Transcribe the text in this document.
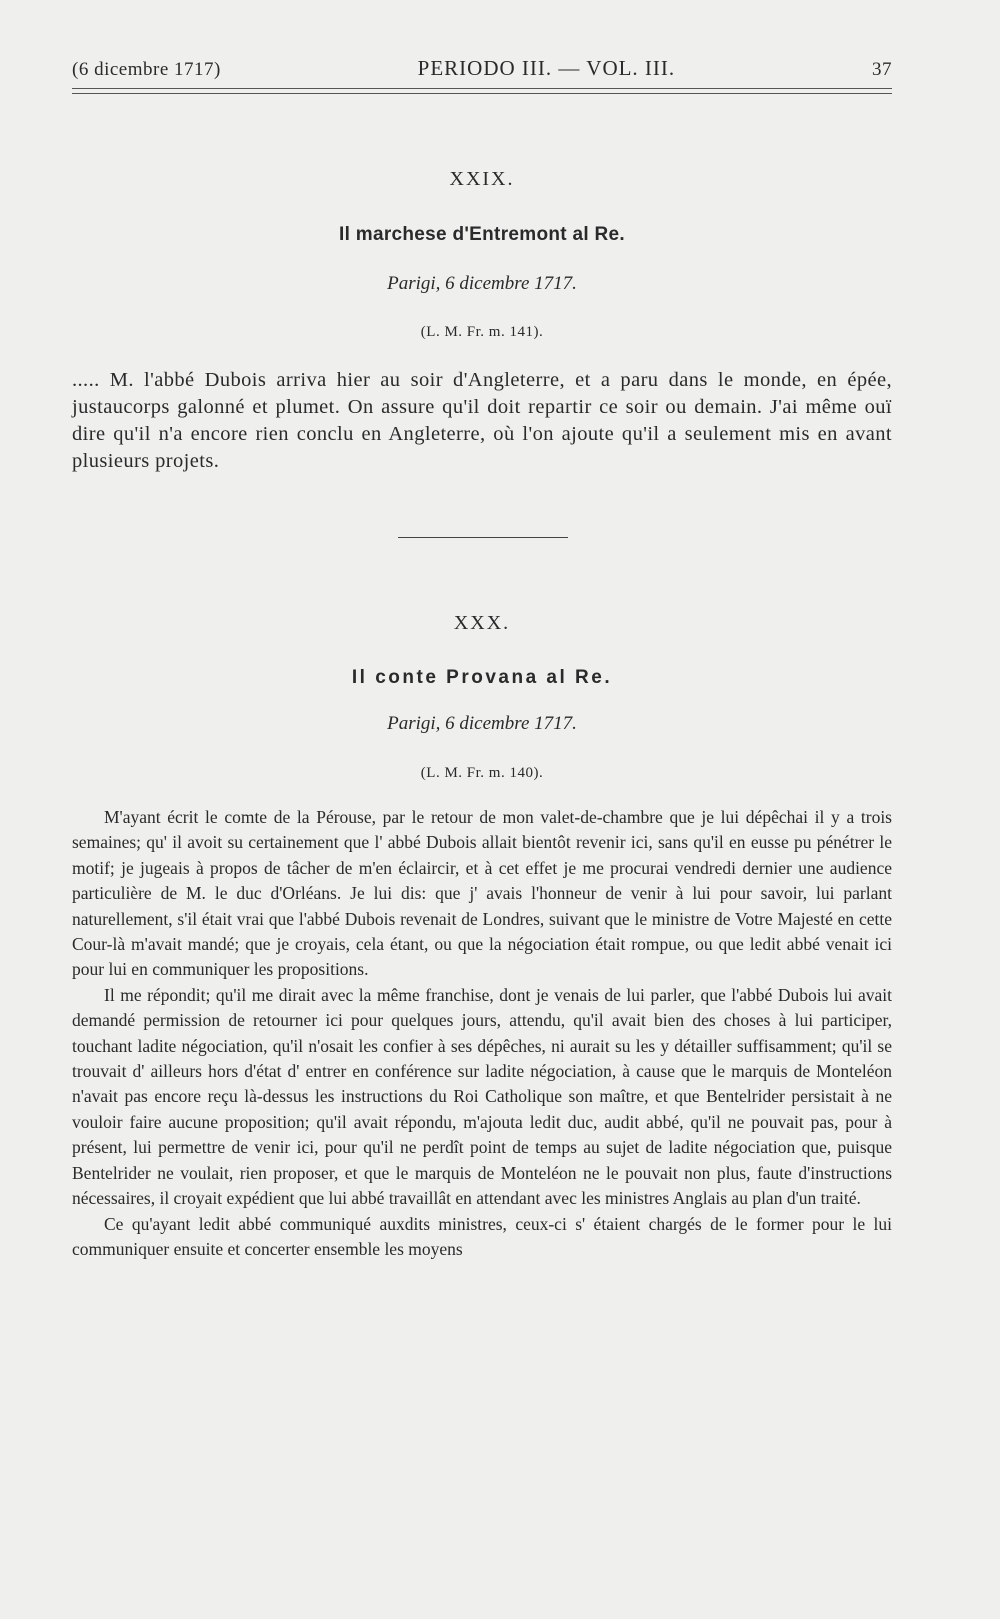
(6 dicembre 1717)	PERIODO III. — VOL. III.	37
XXIX.
Il marchese d'Entremont al Re.
Parigi, 6 dicembre 1717.
(L. M. Fr. m. 141).

..... M. l'abbé Dubois arriva hier au soir d'Angleterre, et a paru dans le monde, en épée, justaucorps galonné et plumet. On assure qu'il doit repartir ce soir ou demain. J'ai même ouï dire qu'il n'a encore rien conclu en Angleterre, où l'on ajoute qu'il a seulement mis en avant plusieurs projets.

XXX.
Il conte Provana al Re.
Parigi, 6 dicembre 1717.
(L. M. Fr. m. 140).

M'ayant écrit le comte de la Pérouse, par le retour de mon valet-de-chambre que je lui dépêchai il y a trois semaines; qu' il avoit su certainement que l' abbé Dubois allait bientôt revenir ici, sans qu'il en eusse pu pénétrer le motif; je jugeais à propos de tâcher de m'en éclaircir, et à cet effet je me procurai vendredi dernier une audience particulière de M. le duc d'Orléans. Je lui dis: que j' avais l'honneur de venir à lui pour savoir, lui parlant naturellement, s'il était vrai que l'abbé Dubois revenait de Londres, suivant que le ministre de Votre Majesté en cette Cour-là m'avait mandé; que je croyais, cela étant, ou que la négociation était rompue, ou que ledit abbé venait ici pour lui en communiquer les propositions.

Il me répondit; qu'il me dirait avec la même franchise, dont je venais de lui parler, que l'abbé Dubois lui avait demandé permission de retourner ici pour quelques jours, attendu, qu'il avait bien des choses à lui participer, touchant ladite négociation, qu'il n'osait les confier à ses dépêches, ni aurait su les y détailler suffisamment; qu'il se trouvait d' ailleurs hors d'état d' entrer en conférence sur ladite négociation, à cause que le marquis de Monteléon n'avait pas encore reçu là-dessus les instructions du Roi Catholique son maître, et que Bentelrider persistait à ne vouloir faire aucune proposition; qu'il avait répondu, m'ajouta ledit duc, audit abbé, qu'il ne pouvait pas, pour à présent, lui permettre de venir ici, pour qu'il ne perdît point de temps au sujet de ladite négociation que, puisque Bentelrider ne voulait, rien proposer, et que le marquis de Monteléon ne le pouvait non plus, faute d'instructions nécessaires, il croyait expédient que lui abbé travaillât en attendant avec les ministres Anglais au plan d'un traité.

Ce qu'ayant ledit abbé communiqué auxdits ministres, ceux-ci s' étaient chargés de le former pour le lui communiquer ensuite et concerter ensemble les moyens
